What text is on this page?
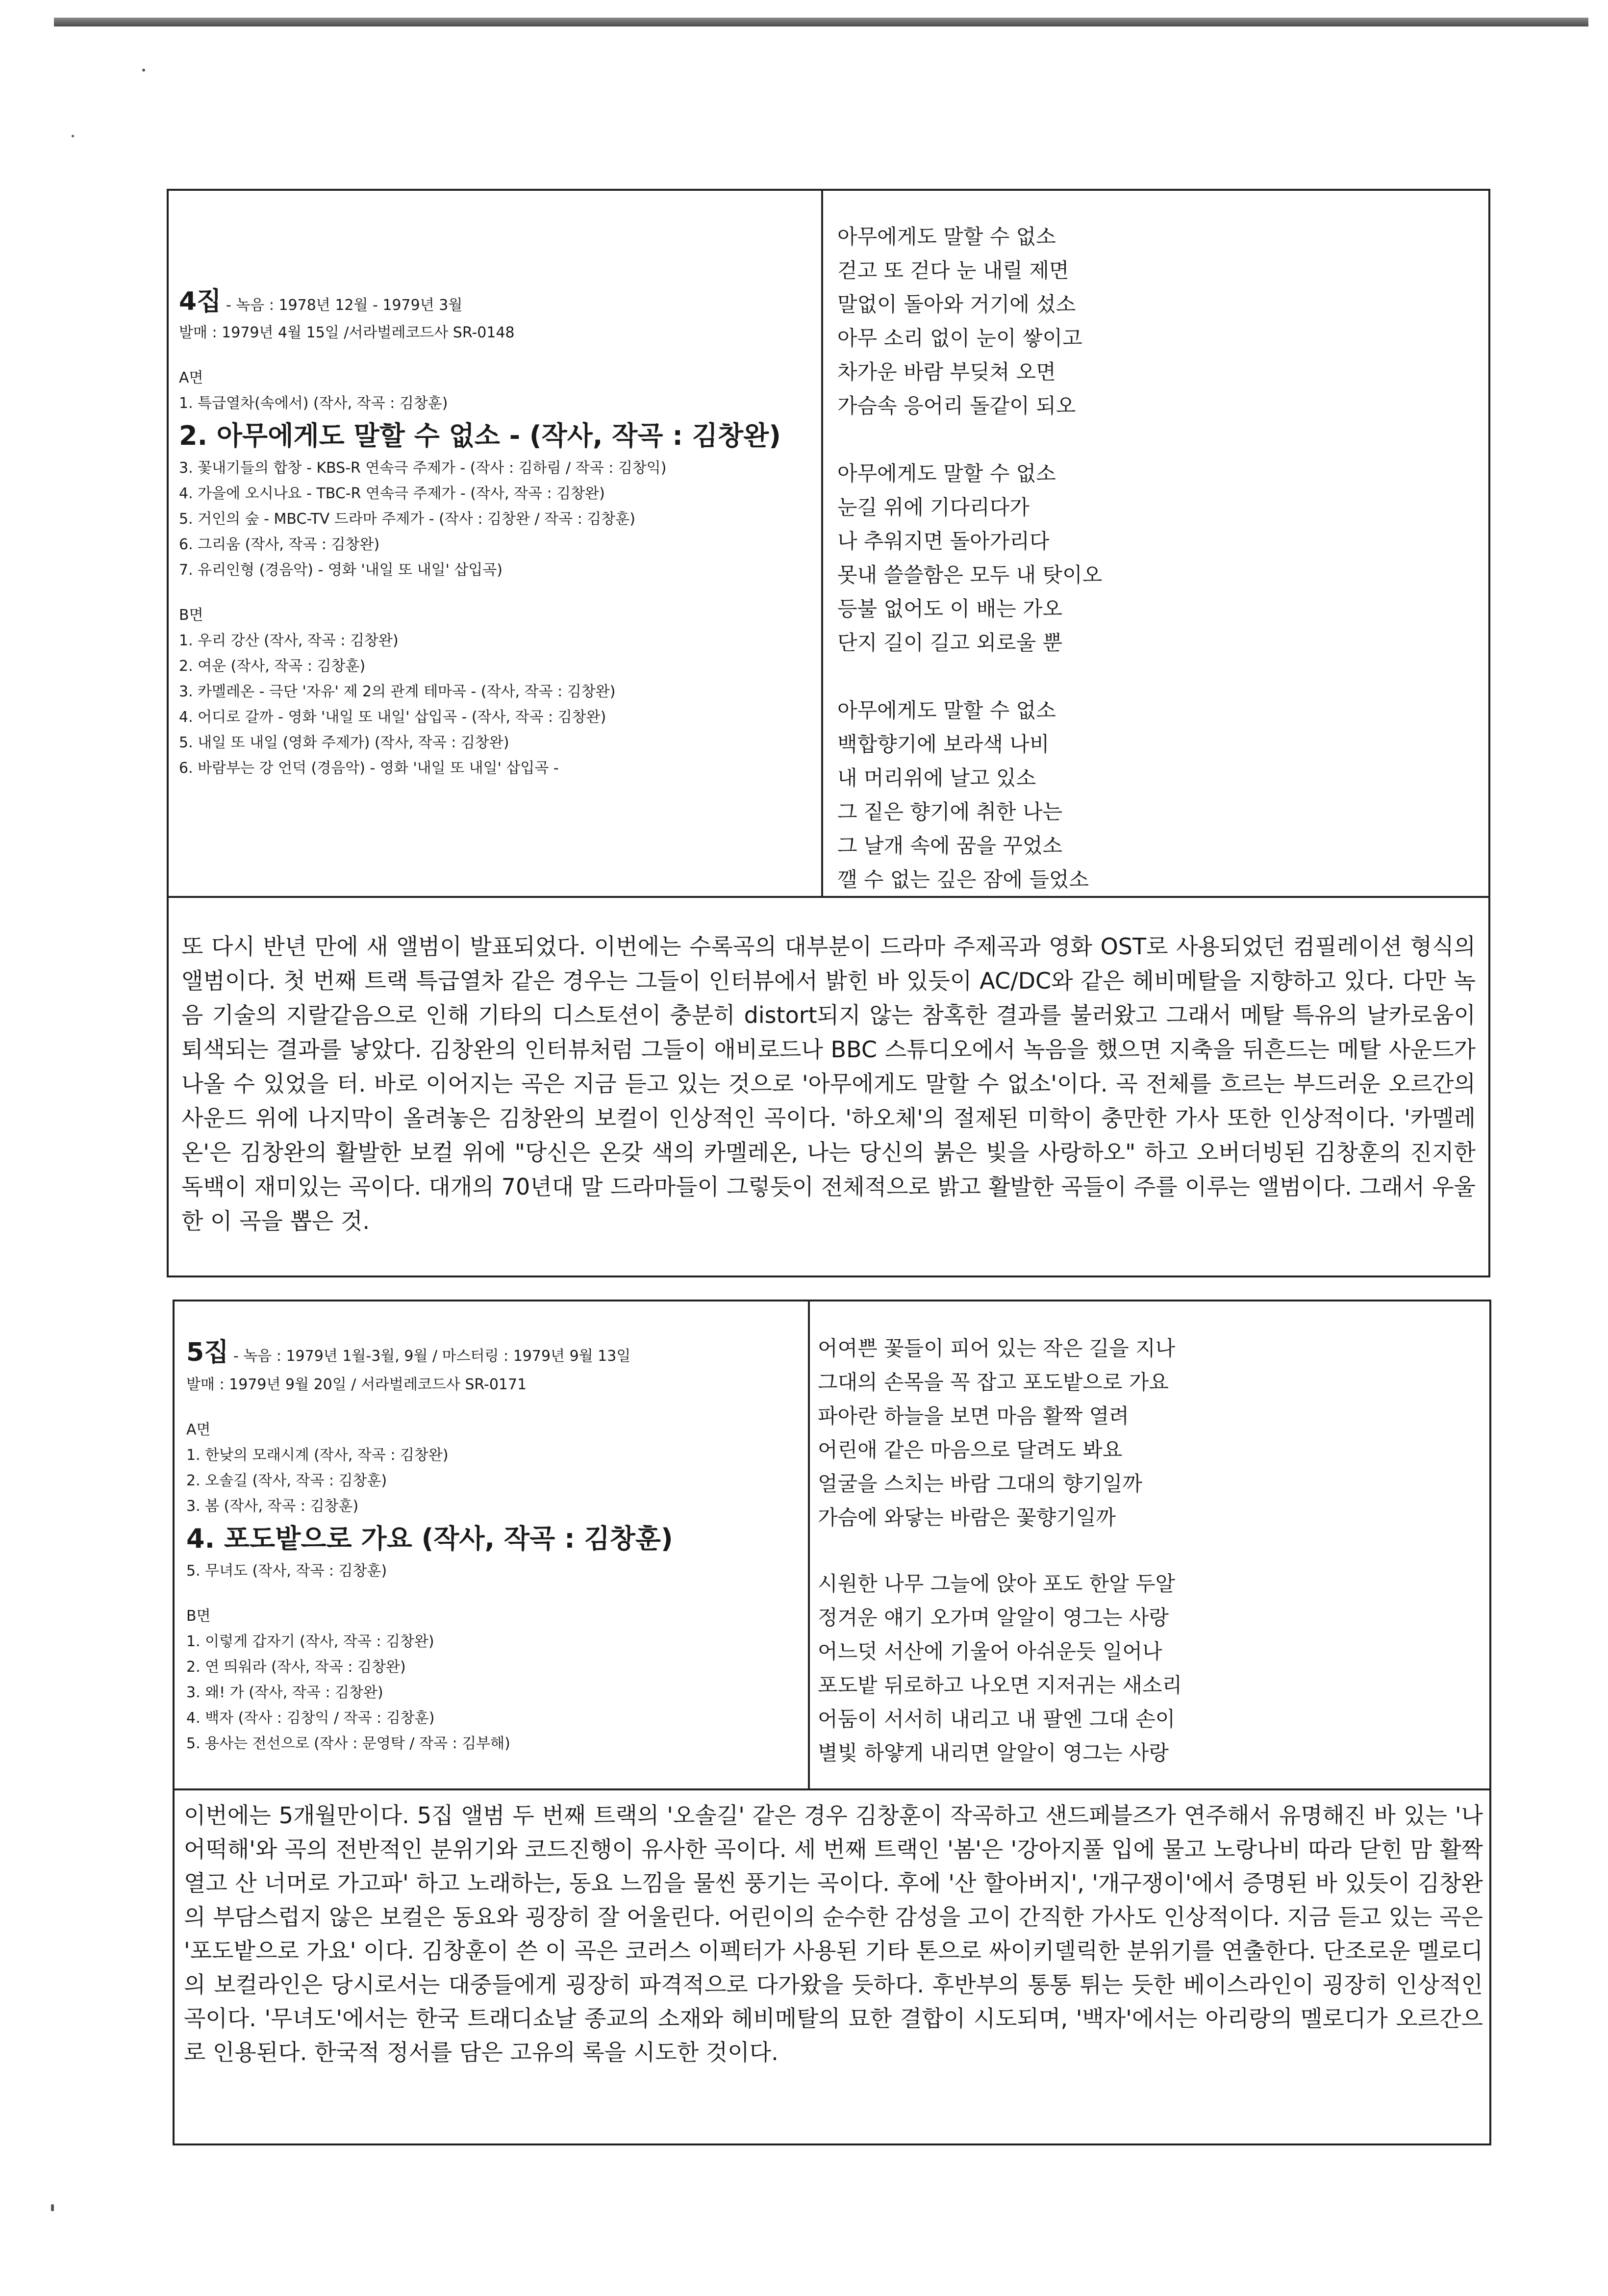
4집 - 녹음 : 1978년 12월 - 1979년 3월
발매 : 1979년 4월 15일 /서라벌레코드사 SR-0148
A면
1. 특급열차(속에서) (작사, 작곡 : 김창훈)
2. 아무에게도 말할 수 없소 - (작사, 작곡 : 김창완)
3. 꽃내기들의 합창 - KBS-R 연속극 주제가 - (작사 : 김하림 / 작곡 : 김창익)
4. 가을에 오시나요 - TBC-R 연속극 주제가 - (작사, 작곡 : 김창완)
5. 거인의 숲 - MBC-TV 드라마 주제가 - (작사 : 김창완 / 작곡 : 김창훈)
6. 그리움 (작사, 작곡 : 김창완)
7. 유리인형 (경음악) - 영화 '내일 또 내일' 삽입곡)
B면
1. 우리 강산 (작사, 작곡 : 김창완)
2. 여운 (작사, 작곡 : 김창훈)
3. 카멜레온 - 극단 '자유' 제 2의 관계 테마곡 - (작사, 작곡 : 김창완)
4. 어디로 갈까 - 영화 '내일 또 내일' 삽입곡 - (작사, 작곡 : 김창완)
5. 내일 또 내일 (영화 주제가) (작사, 작곡 : 김창완)
6. 바람부는 강 언덕 (경음악) - 영화 '내일 또 내일' 삽입곡 -
아무에게도 말할 수 없소
걷고 또 걷다 눈 내릴 제면
말없이 돌아와 거기에 섰소
아무 소리 없이 눈이 쌓이고
차가운 바람 부딪쳐 오면
가슴속 응어리 돌같이 되오
아무에게도 말할 수 없소
눈길 위에 기다리다가
나 추워지면 돌아가리다
못내 쓸쓸함은 모두 내 탓이오
등불 없어도 이 배는 가오
단지 길이 길고 외로울 뿐
아무에게도 말할 수 없소
백합향기에 보라색 나비
내 머리위에 날고 있소
그 짙은 향기에 취한 나는
그 날개 속에 꿈을 꾸었소
깰 수 없는 깊은 잠에 들었소
또 다시 반년 만에 새 앨범이 발표되었다. 이번에는 수록곡의 대부분이 드라마 주제곡과 영화 OST로 사용되었던 컴필레이션 형식의 앨범이다. 첫 번째 트랙 특급열차 같은 경우는 그들이 인터뷰에서 밝힌 바 있듯이 AC/DC와 같은 헤비메탈을 지향하고 있다. 다만 녹음 기술의 지랄같음으로 인해 기타의 디스토션이 충분히 distort되지 않는 참혹한 결과를 불러왔고 그래서 메탈 특유의 날카로움이 퇴색되는 결과를 낳았다. 김창완의 인터뷰처럼 그들이 애비로드나 BBC 스튜디오에서 녹음을 했으면 지축을 뒤흔드는 메탈 사운드가 나올 수 있었을 터. 바로 이어지는 곡은 지금 듣고 있는 것으로 '아무에게도 말할 수 없소'이다. 곡 전체를 흐르는 부드러운 오르간의 사운드 위에 나지막이 올려놓은 김창완의 보컬이 인상적인 곡이다. '하오체'의 절제된 미학이 충만한 가사 또한 인상적이다. '카멜레온'은 김창완의 활발한 보컬 위에 "당신은 온갖 색의 카멜레온, 나는 당신의 붉은 빛을 사랑하오" 하고 오버더빙된 김창훈의 진지한 독백이 재미있는 곡이다. 대개의 70년대 말 드라마들이 그렇듯이 전체적으로 밝고 활발한 곡들이 주를 이루는 앨범이다. 그래서 우울한 이 곡을 뽑은 것.
5집 - 녹음 : 1979년 1월-3월, 9월 / 마스터링 : 1979년 9월 13일
발매 : 1979년 9월 20일 / 서라벌레코드사 SR-0171
A면
1. 한낮의 모래시계 (작사, 작곡 : 김창완)
2. 오솔길 (작사, 작곡 : 김창훈)
3. 봄 (작사, 작곡 : 김창훈)
4. 포도밭으로 가요 (작사, 작곡 : 김창훈)
5. 무녀도 (작사, 작곡 : 김창훈)
B면
1. 이렇게 갑자기 (작사, 작곡 : 김창완)
2. 연 띄워라 (작사, 작곡 : 김창완)
3. 왜! 가 (작사, 작곡 : 김창완)
4. 백자 (작사 : 김창익 / 작곡 : 김창훈)
5. 용사는 전선으로 (작사 : 문영탁 / 작곡 : 김부해)
어여쁜 꽃들이 피어 있는 작은 길을 지나
그대의 손목을 꼭 잡고 포도밭으로 가요
파아란 하늘을 보면 마음 활짝 열려
어린애 같은 마음으로 달려도 봐요
얼굴을 스치는 바람 그대의 향기일까
가슴에 와닿는 바람은 꽃향기일까
시원한 나무 그늘에 앉아 포도 한알 두알
정겨운 얘기 오가며 알알이 영그는 사랑
어느덧 서산에 기울어 아쉬운듯 일어나
포도밭 뒤로하고 나오면 지저귀는 새소리
어둠이 서서히 내리고 내 팔엔 그대 손이
별빛 하얗게 내리면 알알이 영그는 사랑
이번에는 5개월만이다. 5집 앨범 두 번째 트랙의 '오솔길' 같은 경우 김창훈이 작곡하고 샌드페블즈가 연주해서 유명해진 바 있는 '나 어떡해'와 곡의 전반적인 분위기와 코드진행이 유사한 곡이다. 세 번째 트랙인 '봄'은 '강아지풀 입에 물고 노랑나비 따라 닫힌 맘 활짝 열고 산 너머로 가고파' 하고 노래하는, 동요 느낌을 물씬 풍기는 곡이다. 후에 '산 할아버지', '개구쟁이'에서 증명된 바 있듯이 김창완의 부담스럽지 않은 보컬은 동요와 굉장히 잘 어울린다. 어린이의 순수한 감성을 고이 간직한 가사도 인상적이다. 지금 듣고 있는 곡은 '포도밭으로 가요' 이다. 김창훈이 쓴 이 곡은 코러스 이펙터가 사용된 기타 톤으로 싸이키델릭한 분위기를 연출한다. 단조로운 멜로디의 보컬라인은 당시로서는 대중들에게 굉장히 파격적으로 다가왔을 듯하다. 후반부의 통통 튀는 듯한 베이스라인이 굉장히 인상적인 곡이다. '무녀도'에서는 한국 트래디쇼날 종교의 소재와 헤비메탈의 묘한 결합이 시도되며, '백자'에서는 아리랑의 멜로디가 오르간으로 인용된다. 한국적 정서를 담은 고유의 록을 시도한 것이다.
